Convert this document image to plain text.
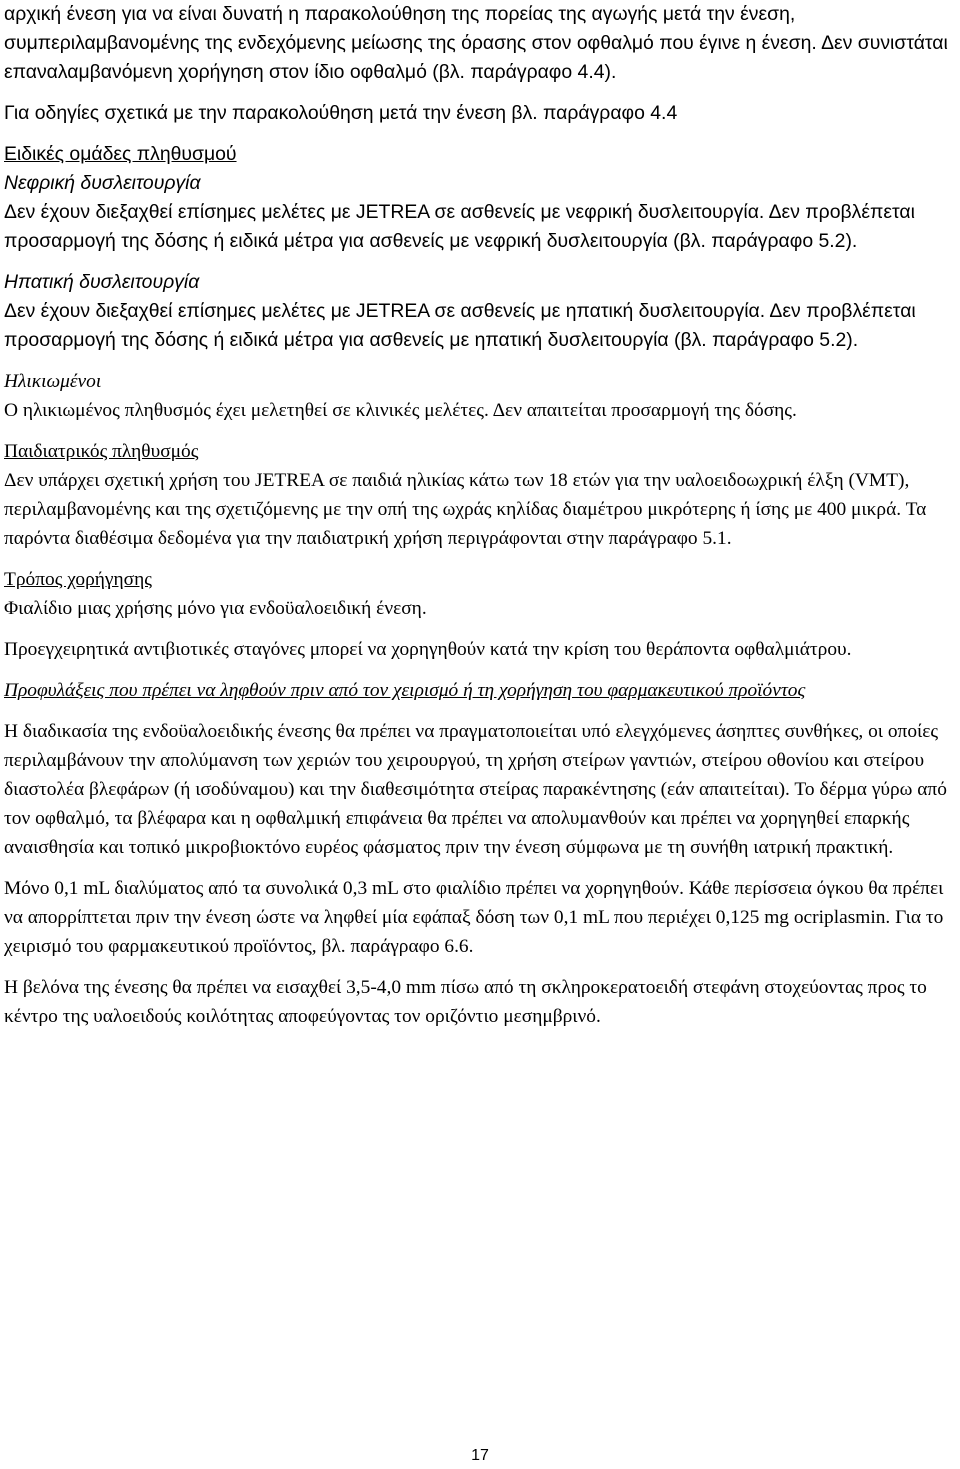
αρχική ένεση για να είναι δυνατή η παρακολούθηση της πορείας της αγωγής μετά την ένεση, συμπεριλαμβανομένης της ενδεχόμενης μείωσης της όρασης στον οφθαλμό που έγινε η ένεση. Δεν συνιστάται επαναλαμβανόμενη χορήγηση στον ίδιο οφθαλμό (βλ. παράγραφο 4.4).

Για οδηγίες σχετικά με την παρακολούθηση μετά την ένεση βλ. παράγραφο 4.4

Ειδικές ομάδες πληθυσμού

Νεφρική δυσλειτουργία

Δεν έχουν διεξαχθεί επίσημες μελέτες με JETREA σε ασθενείς με νεφρική δυσλειτουργία. Δεν προβλέπεται προσαρμογή της δόσης ή ειδικά μέτρα για ασθενείς με νεφρική δυσλειτουργία (βλ. παράγραφο 5.2).

Ηπατική δυσλειτουργία

Δεν έχουν διεξαχθεί επίσημες μελέτες με JETREA σε ασθενείς με ηπατική δυσλειτουργία. Δεν προβλέπεται προσαρμογή της δόσης ή ειδικά μέτρα για ασθενείς με ηπατική δυσλειτουργία (βλ. παράγραφο 5.2).

Ηλικιωμένοι

Ο ηλικιωμένος πληθυσμός έχει μελετηθεί σε κλινικές μελέτες. Δεν απαιτείται προσαρμογή της δόσης.

Παιδιατρικός πληθυσμός

Δεν υπάρχει σχετική χρήση του JETREA σε παιδιά ηλικίας κάτω των 18 ετών για την υαλοειδοωχρική έλξη (VMT), περιλαμβανομένης και της σχετιζόμενης με την οπή της ωχράς κηλίδας διαμέτρου μικρότερης ή ίσης με 400 μικρά. Τα παρόντα διαθέσιμα δεδομένα για την παιδιατρική χρήση περιγράφονται στην παράγραφο 5.1.

Τρόπος χορήγησης

Φιαλίδιο μιας χρήσης μόνο για ενδοϋαλοειδική ένεση.

Προεγχειρητικά αντιβιοτικές σταγόνες μπορεί να χορηγηθούν κατά την κρίση του θεράποντα οφθαλμιάτρου.

Προφυλάξεις που πρέπει να ληφθούν πριν από τον χειρισμό ή τη χορήγηση του φαρμακευτικού προϊόντος

Η διαδικασία της ενδοϋαλοειδικής ένεσης θα πρέπει να πραγματοποιείται υπό ελεγχόμενες άσηπτες συνθήκες, οι οποίες περιλαμβάνουν την απολύμανση των χεριών του χειρουργού, τη χρήση στείρων γαντιών, στείρου οθονίου και στείρου διαστολέα βλεφάρων (ή ισοδύναμου) και την διαθεσιμότητα στείρας παρακέντησης (εάν απαιτείται). Το δέρμα γύρω από τον οφθαλμό, τα βλέφαρα και η οφθαλμική επιφάνεια θα πρέπει να απολυμανθούν και πρέπει να χορηγηθεί επαρκής αναισθησία και τοπικό μικροβιοκτόνο ευρέος φάσματος πριν την ένεση σύμφωνα με τη συνήθη ιατρική πρακτική.

Μόνο 0,1 mL διαλύματος από τα συνολικά 0,3 mL στο φιαλίδιο πρέπει να χορηγηθούν. Κάθε περίσσεια όγκου θα πρέπει να απορρίπτεται πριν την ένεση ώστε να ληφθεί μία εφάπαξ δόση των 0,1 mL που περιέχει 0,125 mg ocriplasmin. Για το χειρισμό του φαρμακευτικού προϊόντος, βλ. παράγραφο 6.6.

Η βελόνα της ένεσης θα πρέπει να εισαχθεί 3,5-4,0 mm πίσω από τη σκληροκερατοειδή στεφάνη στοχεύοντας προς το κέντρο της υαλοειδούς κοιλότητας αποφεύγοντας τον οριζόντιο μεσημβρινό.

17
